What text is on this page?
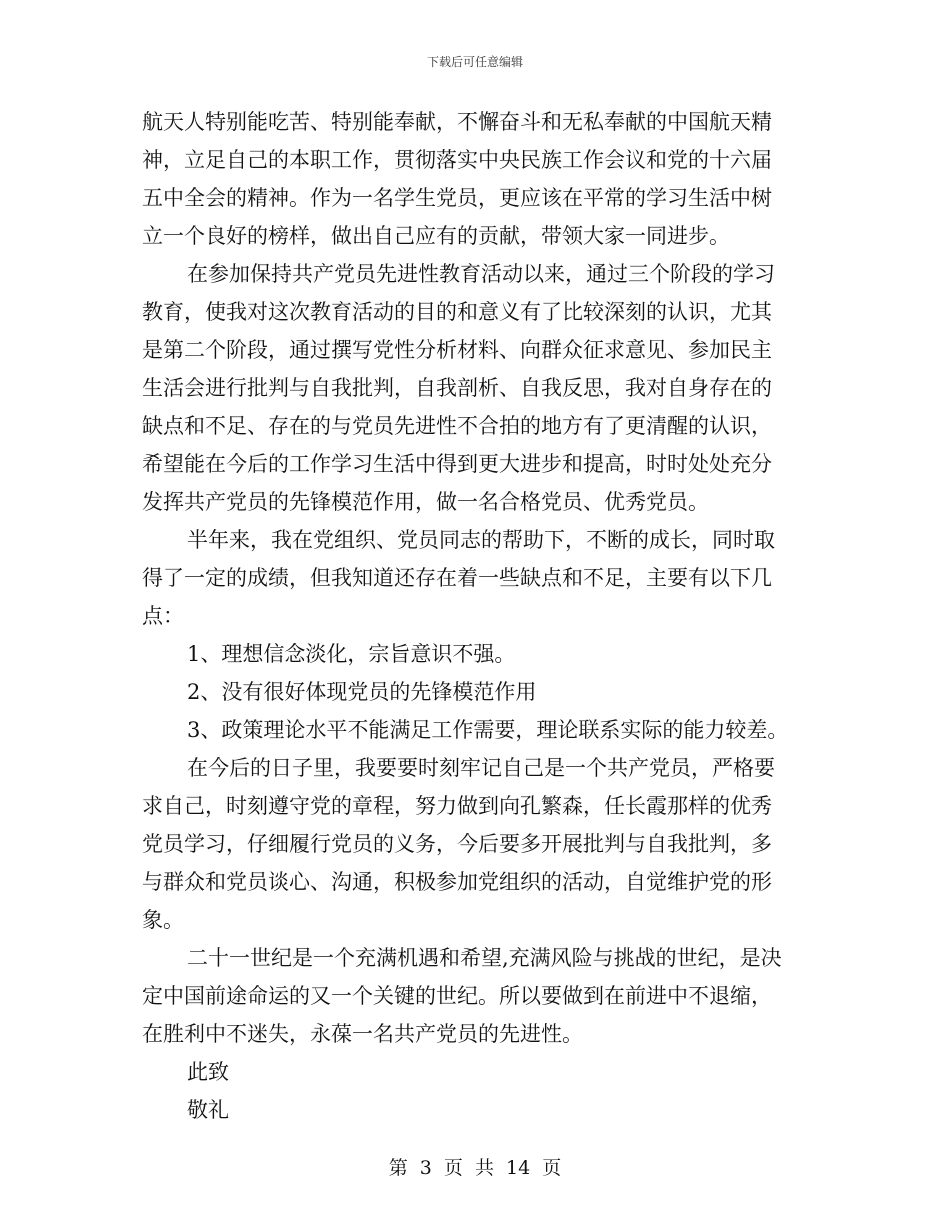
下载后可任意编辑
航天人特别能吃苦、特别能奉献，不懈奋斗和无私奉献的中国航天精
神，立足自己的本职工作，贯彻落实中央民族工作会议和党的十六届
五中全会的精神。作为一名学生党员，更应该在平常的学习生活中树
立一个良好的榜样，做出自己应有的贡献，带领大家一同进步。
在参加保持共产党员先进性教育活动以来，通过三个阶段的学习
教育，使我对这次教育活动的目的和意义有了比较深刻的认识，尤其
是第二个阶段，通过撰写党性分析材料、向群众征求意见、参加民主
生活会进行批判与自我批判，自我剖析、自我反思，我对自身存在的
缺点和不足、存在的与党员先进性不合拍的地方有了更清醒的认识，
希望能在今后的工作学习生活中得到更大进步和提高，时时处处充分
发挥共产党员的先锋模范作用，做一名合格党员、优秀党员。
半年来，我在党组织、党员同志的帮助下，不断的成长，同时取
得了一定的成绩，但我知道还存在着一些缺点和不足，主要有以下几
点：
1、理想信念淡化，宗旨意识不强。
2、没有很好体现党员的先锋模范作用
3、政策理论水平不能满足工作需要，理论联系实际的能力较差。
在今后的日子里，我要要时刻牢记自己是一个共产党员，严格要
求自己，时刻遵守党的章程，努力做到向孔繁森，任长霞那样的优秀
党员学习，仔细履行党员的义务，今后要多开展批判与自我批判，多
与群众和党员谈心、沟通，积极参加党组织的活动，自觉维护党的形
象。
二十一世纪是一个充满机遇和希望,充满风险与挑战的世纪，是决
定中国前途命运的又一个关键的世纪。所以要做到在前进中不退缩，
在胜利中不迷失，永葆一名共产党员的先进性。
此致
敬礼
第 3 页 共 14 页
